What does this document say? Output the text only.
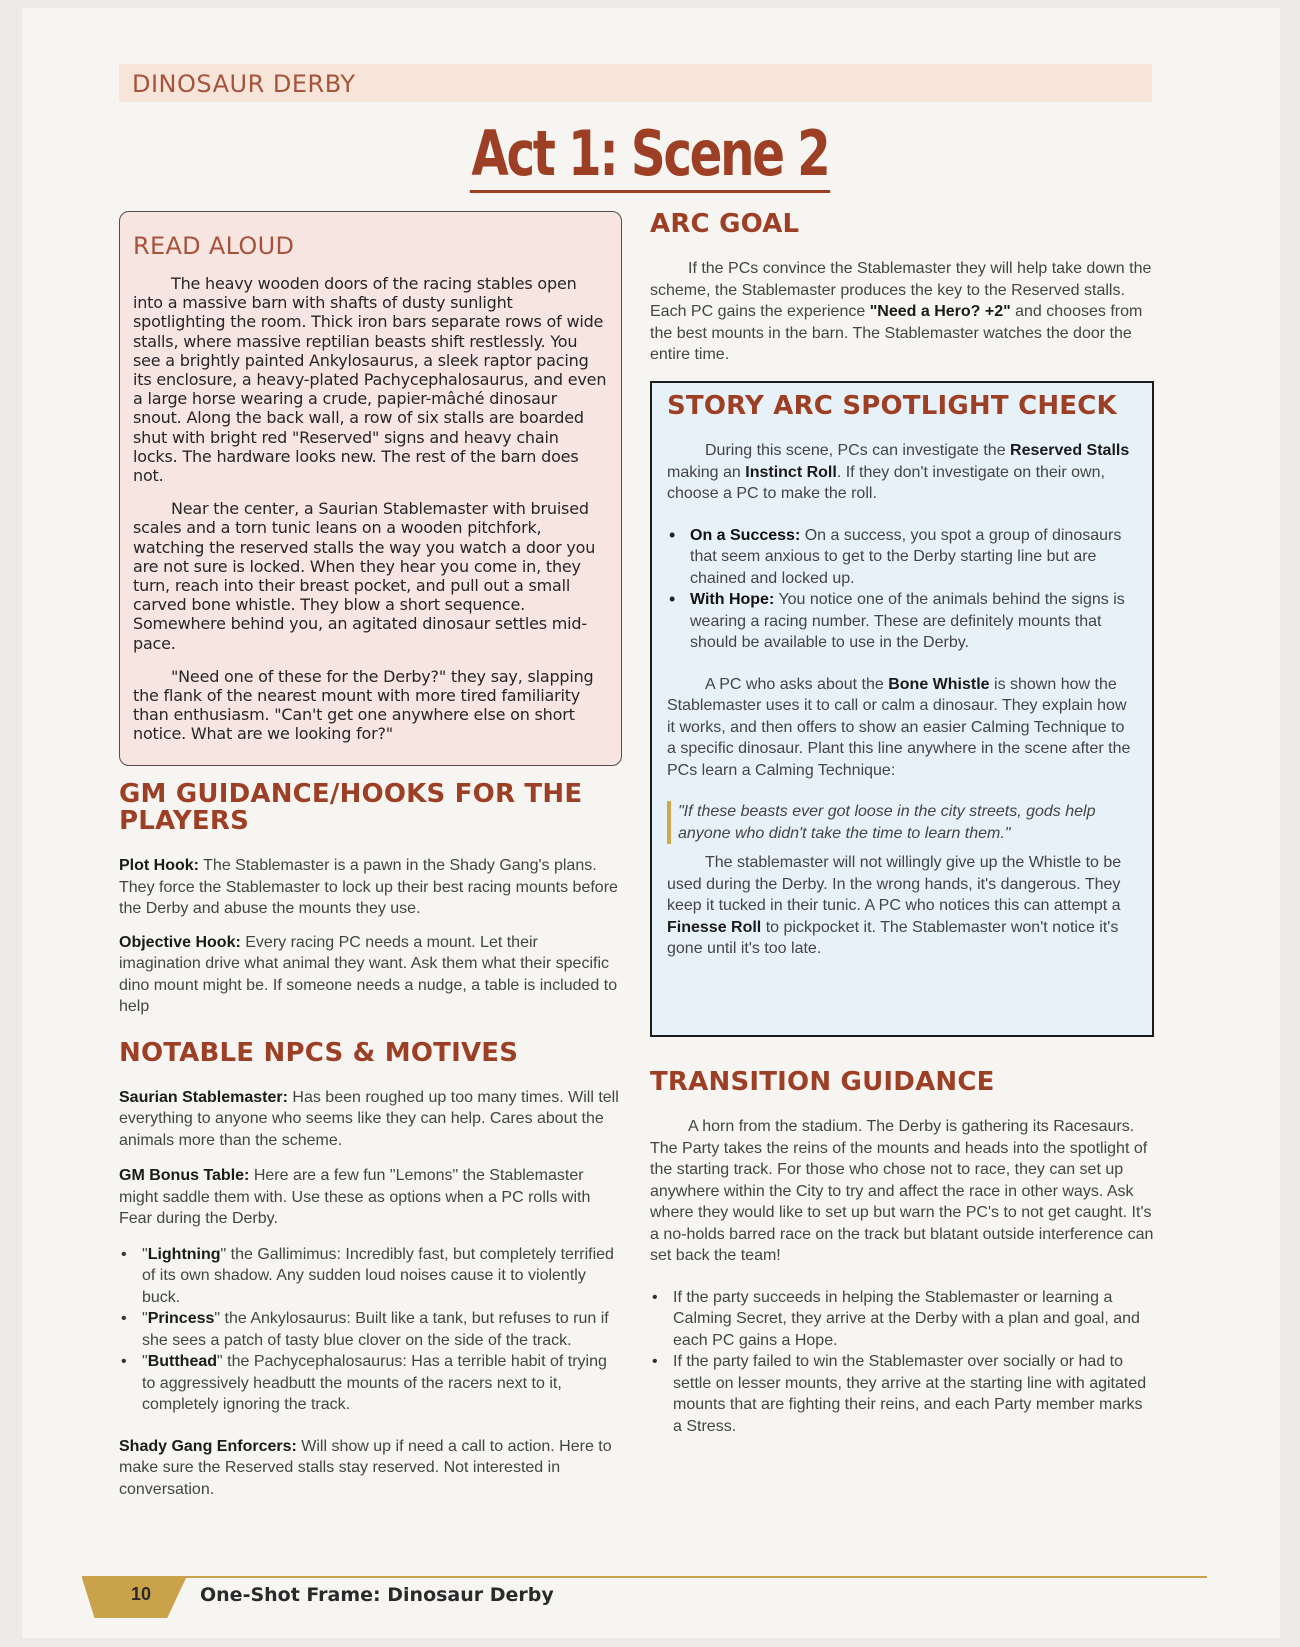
DINOSAUR DERBY
Act 1: Scene 2
READ ALOUD

The heavy wooden doors of the racing stables open into a massive barn with shafts of dusty sunlight spotlighting the room. Thick iron bars separate rows of wide stalls, where massive reptilian beasts shift restlessly. You see a brightly painted Ankylosaurus, a sleek raptor pacing its enclosure, a heavy-plated Pachycephalosaurus, and even a large horse wearing a crude, papier-mâché dinosaur snout. Along the back wall, a row of six stalls are boarded shut with bright red "Reserved" signs and heavy chain locks. The hardware looks new. The rest of the barn does not.

Near the center, a Saurian Stablemaster with bruised scales and a torn tunic leans on a wooden pitchfork, watching the reserved stalls the way you watch a door you are not sure is locked. When they hear you come in, they turn, reach into their breast pocket, and pull out a small carved bone whistle. They blow a short sequence. Somewhere behind you, an agitated dinosaur settles mid-pace.

"Need one of these for the Derby?" they say, slapping the flank of the nearest mount with more tired familiarity than enthusiasm. "Can't get one anywhere else on short notice. What are we looking for?"

GM GUIDANCE/HOOKS FOR THE PLAYERS

Plot Hook: The Stablemaster is a pawn in the Shady Gang's plans. They force the Stablemaster to lock up their best racing mounts before the Derby and abuse the mounts they use.

Objective Hook: Every racing PC needs a mount. Let their imagination drive what animal they want. Ask them what their specific dino mount might be. If someone needs a nudge, a table is included to help

NOTABLE NPCS & MOTIVES

Saurian Stablemaster: Has been roughed up too many times. Will tell everything to anyone who seems like they can help. Cares about the animals more than the scheme.

GM Bonus Table: Here are a few fun "Lemons" the Stablemaster might saddle them with. Use these as options when a PC rolls with Fear during the Derby.

• "Lightning" the Gallimimus: Incredibly fast, but completely terrified of its own shadow. Any sudden loud noises cause it to violently buck.
• "Princess" the Ankylosaurus: Built like a tank, but refuses to run if she sees a patch of tasty blue clover on the side of the track.
• "Butthead" the Pachycephalosaurus: Has a terrible habit of trying to aggressively headbutt the mounts of the racers next to it, completely ignoring the track.

Shady Gang Enforcers: Will show up if need a call to action. Here to make sure the Reserved stalls stay reserved. Not interested in conversation.

ARC GOAL

If the PCs convince the Stablemaster they will help take down the scheme, the Stablemaster produces the key to the Reserved stalls. Each PC gains the experience "Need a Hero? +2" and chooses from the best mounts in the barn. The Stablemaster watches the door the entire time.

STORY ARC SPOTLIGHT CHECK

During this scene, PCs can investigate the Reserved Stalls making an Instinct Roll. If they don't investigate on their own, choose a PC to make the roll.

• On a Success: On a success, you spot a group of dinosaurs that seem anxious to get to the Derby starting line but are chained and locked up.
• With Hope: You notice one of the animals behind the signs is wearing a racing number. These are definitely mounts that should be available to use in the Derby.

A PC who asks about the Bone Whistle is shown how the Stablemaster uses it to call or calm a dinosaur. They explain how it works, and then offers to show an easier Calming Technique to a specific dinosaur. Plant this line anywhere in the scene after the PCs learn a Calming Technique:

"If these beasts ever got loose in the city streets, gods help anyone who didn't take the time to learn them."

The stablemaster will not willingly give up the Whistle to be used during the Derby. In the wrong hands, it's dangerous. They keep it tucked in their tunic. A PC who notices this can attempt a Finesse Roll to pickpocket it. The Stablemaster won't notice it's gone until it's too late.

TRANSITION GUIDANCE

A horn from the stadium. The Derby is gathering its Racesaurs. The Party takes the reins of the mounts and heads into the spotlight of the starting track. For those who chose not to race, they can set up anywhere within the City to try and affect the race in other ways. Ask where they would like to set up but warn the PC's to not get caught. It's a no-holds barred race on the track but blatant outside interference can set back the team!

• If the party succeeds in helping the Stablemaster or learning a Calming Secret, they arrive at the Derby with a plan and goal, and each PC gains a Hope.
• If the party failed to win the Stablemaster over socially or had to settle on lesser mounts, they arrive at the starting line with agitated mounts that are fighting their reins, and each Party member marks a Stress.
10	One-Shot Frame: Dinosaur Derby
